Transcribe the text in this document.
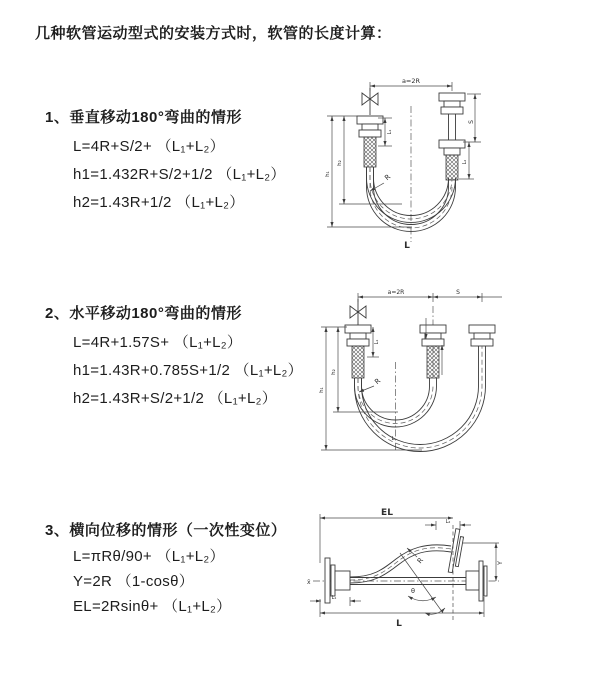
几种软管运动型式的安装方式时，软管的长度计算：
1、垂直移动180°弯曲的情形
L=4R+S/2+ （L₁+L₂）
h1=1.432R+S/2+1/2 （L₁+L₂）
h2=1.43R+1/2 （L₁+L₂）
2、水平移动180°弯曲的情形
L=4R+1.57S+ （L₁+L₂）
h1=1.43R+0.785S+1/2 （L₁+L₂）
h2=1.43R+S/2+1/2 （L₁+L₂）
3、横向位移的情形（一次性变位）
L=πRθ/90+ （L₁+L₂）
Y=2R （1-cosθ）
EL=2Rsinθ+ （L₁+L₂）
a=2R
S
L₂
L₁
h₁
h₂
R
L
a=2R	S
L₁
h₁
h₂
R
L
x̄
EL
L₂
R
θ
Y
L₁
L
